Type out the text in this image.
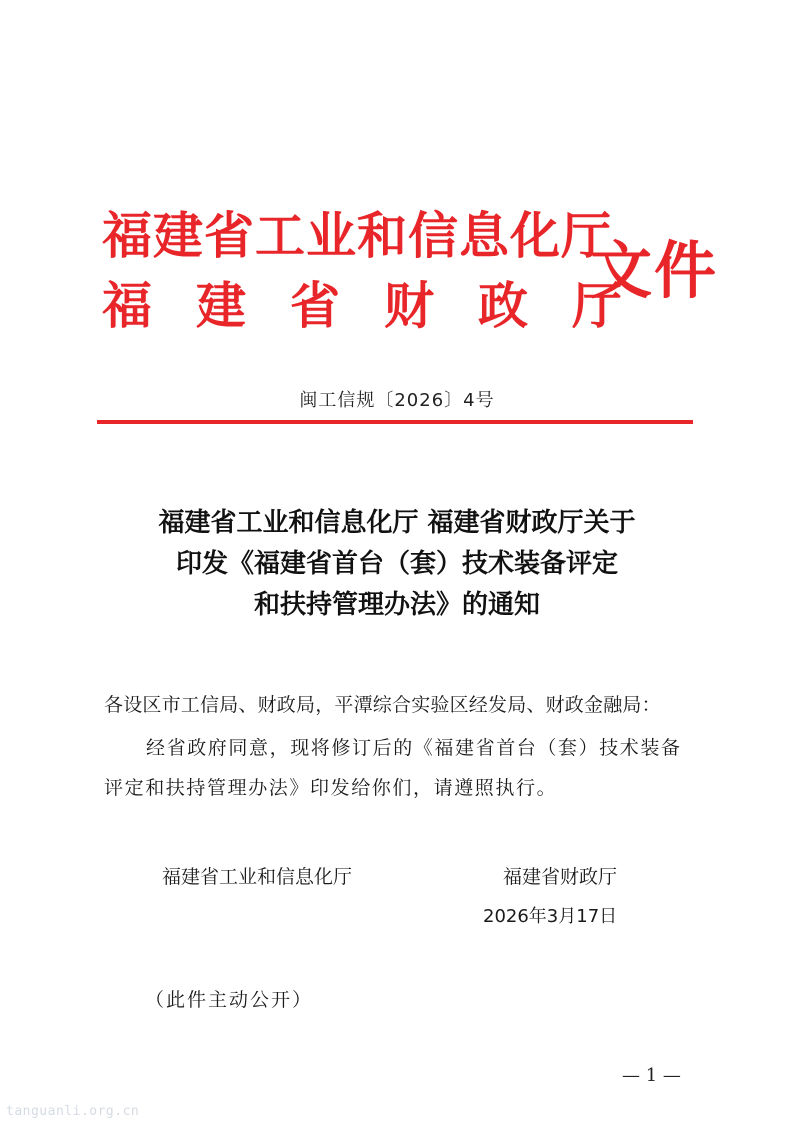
福建省工业和信息化厅
福建省财政厅
文件
闽工信规〔2026〕4号
福建省工业和信息化厅 福建省财政厅关于
印发《福建省首台（套）技术装备评定
和扶持管理办法》的通知
各设区市工信局、财政局，平潭综合实验区经发局、财政金融局：
经省政府同意，现将修订后的《福建省首台（套）技术装备
评定和扶持管理办法》印发给你们，请遵照执行。
福建省工业和信息化厅	福建省财政厅
2026年3月17日
（此件主动公开）
— 1 —
tanguanli.org.cn
